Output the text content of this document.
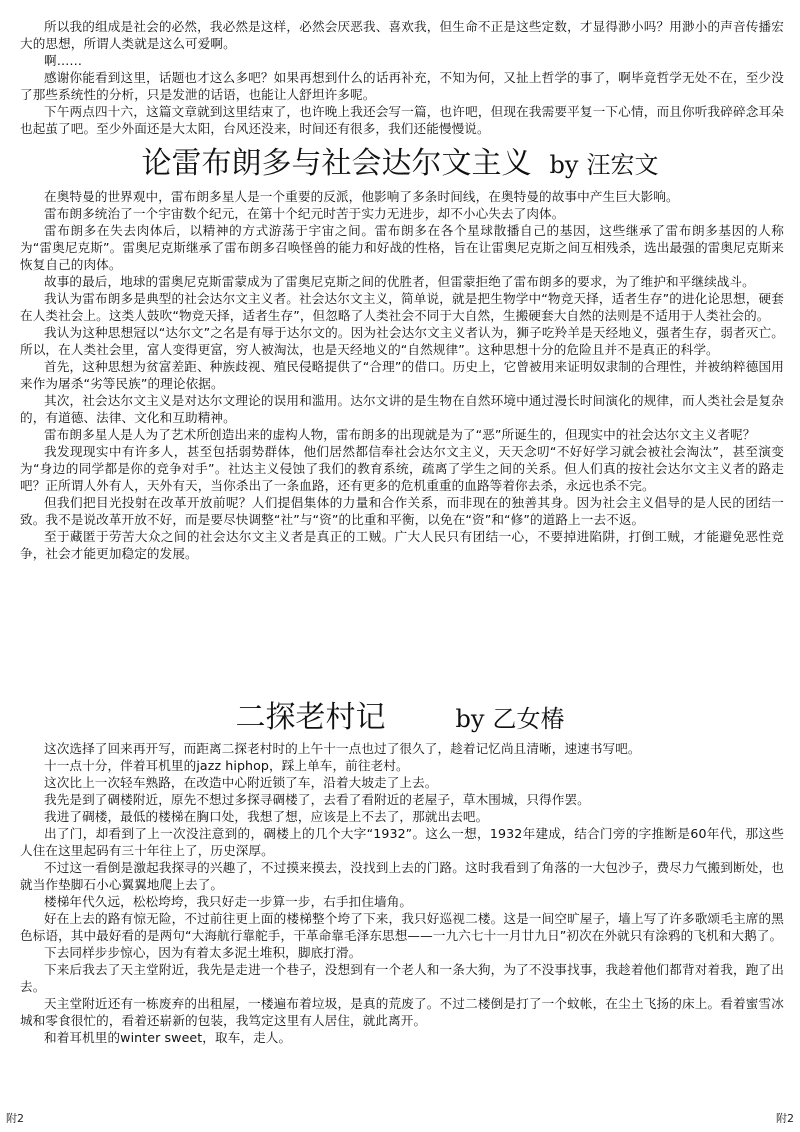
所以我的组成是社会的必然，我必然是这样，必然会厌恶我、喜欢我，但生命不正是这些定数，才显得渺小吗？用渺小的声音传播宏大的思想，所谓人类就是这么可爱啊。

啊……

感谢你能看到这里，话题也才这么多吧？如果再想到什么的话再补充，不知为何，又扯上哲学的事了，啊毕竟哲学无处不在，至少没了那些系统性的分析，只是发泄的话语，也能让人舒坦许多呢。

下午两点四十六，这篇文章就到这里结束了，也许晚上我还会写一篇，也许吧，但现在我需要平复一下心情，而且你听我碎碎念耳朵也起茧了吧。至少外面还是大太阳，台风还没来，时间还有很多，我们还能慢慢说。

论雷布朗多与社会达尔文主义 by 汪宏文

在奥特曼的世界观中，雷布朗多星人是一个重要的反派，他影响了多条时间线，在奥特曼的故事中产生巨大影响。

雷布朗多统治了一个宇宙数个纪元，在第十个纪元时苦于实力无进步，却不小心失去了肉体。

雷布朗多在失去肉体后，以精神的方式游荡于宇宙之间。雷布朗多在各个星球散播自己的基因，这些继承了雷布朗多基因的人称为“雷奥尼克斯”。雷奥尼克斯继承了雷布朗多召唤怪兽的能力和好战的性格，旨在让雷奥尼克斯之间互相残杀，选出最强的雷奥尼克斯来恢复自己的肉体。

故事的最后，地球的雷奥尼克斯雷蒙成为了雷奥尼克斯之间的优胜者，但雷蒙拒绝了雷布朗多的要求，为了维护和平继续战斗。

我认为雷布朗多是典型的社会达尔文主义者。社会达尔文主义，简单说，就是把生物学中“物竞天择，适者生存”的进化论思想，硬套在人类社会上。这类人鼓吹“物竞天择，适者生存”，但忽略了人类社会不同于大自然，生搬硬套大自然的法则是不适用于人类社会的。

我认为这种思想冠以“达尔文”之名是有辱于达尔文的。因为社会达尔文主义者认为，狮子吃羚羊是天经地义，强者生存，弱者灭亡。所以，在人类社会里，富人变得更富，穷人被淘汰，也是天经地义的“自然规律”。这种思想十分的危险且并不是真正的科学。

首先，这种思想为贫富差距、种族歧视、殖民侵略提供了“合理”的借口。历史上，它曾被用来证明奴隶制的合理性，并被纳粹德国用来作为屠杀“劣等民族”的理论依据。

其次，社会达尔文主义是对达尔文理论的误用和滥用。达尔文讲的是生物在自然环境中通过漫长时间演化的规律，而人类社会是复杂的，有道德、法律、文化和互助精神。

雷布朗多星人是人为了艺术所创造出来的虚构人物，雷布朗多的出现就是为了“恶”所诞生的，但现实中的社会达尔文主义者呢？

我发现现实中有许多人，甚至包括弱势群体，他们居然都信奉社会达尔文主义，天天念叨“不好好学习就会被社会淘汰”，甚至演变为“身边的同学都是你的竞争对手”。社达主义侵蚀了我们的教育系统，疏离了学生之间的关系。但人们真的按社会达尔文主义者的路走吧？正所谓人外有人，天外有天，当你杀出了一条血路，还有更多的危机重重的血路等着你去杀，永远也杀不完。

但我们把目光投射在改革开放前呢？人们提倡集体的力量和合作关系，而非现在的独善其身。因为社会主义倡导的是人民的团结一致。我不是说改革开放不好，而是要尽快调整“社”与“资”的比重和平衡，以免在“资”和“修”的道路上一去不返。

至于藏匿于劳苦大众之间的社会达尔文主义者是真正的工贼。广大人民只有团结一心，不要掉进陷阱，打倒工贼，才能避免恶性竞争，社会才能更加稳定的发展。

二探老村记	by 乙女椿

这次选择了回来再开写，而距离二探老村时的上午十一点也过了很久了，趁着记忆尚且清晰，速速书写吧。

十一点十分，伴着耳机里的jazz hiphop，踩上单车，前往老村。

这次比上一次轻车熟路，在改造中心附近锁了车，沿着大坡走了上去。

我先是到了碉楼附近，原先不想过多探寻碉楼了，去看了看附近的老屋子，草木围城，只得作罢。

我进了碉楼，最低的楼梯在胸口处，我想了想，应该是上不去了，那就出去吧。

出了门，却看到了上一次没注意到的，碉楼上的几个大字“1932”。这么一想，1932年建成，结合门旁的字推断是60年代，那这些人住在这里起码有三十年往上了，历史深厚。

不过这一看倒是激起我探寻的兴趣了，不过摸来摸去，没找到上去的门路。这时我看到了角落的一大包沙子，费尽力气搬到断处，也就当作垫脚石小心翼翼地爬上去了。

楼梯年代久远，松松垮垮，我只好走一步算一步，右手扣住墙角。

好在上去的路有惊无险，不过前往更上面的楼梯整个垮了下来，我只好巡视二楼。这是一间空旷屋子，墙上写了许多歌颂毛主席的黑色标语，其中最好看的是两句“大海航行靠舵手，干革命靠毛泽东思想——一九六七十一月廿九日”初次在外就只有涂鸦的飞机和大鹅了。

下去同样步步惊心，因为有着太多泥土堆积，脚底打滑。

下来后我去了天主堂附近，我先是走进一个巷子，没想到有一个老人和一条大狗，为了不没事找事，我趁着他们都背对着我，跑了出去。

天主堂附近还有一栋废弃的出租屋，一楼遍布着垃圾，是真的荒废了。不过二楼倒是打了一个蚊帐，在尘土飞扬的床上。看着蜜雪冰城和零食很忙的，看着还崭新的包装，我笃定这里有人居住，就此离开。

和着耳机里的winter sweet，取车，走人。

附2	附2
